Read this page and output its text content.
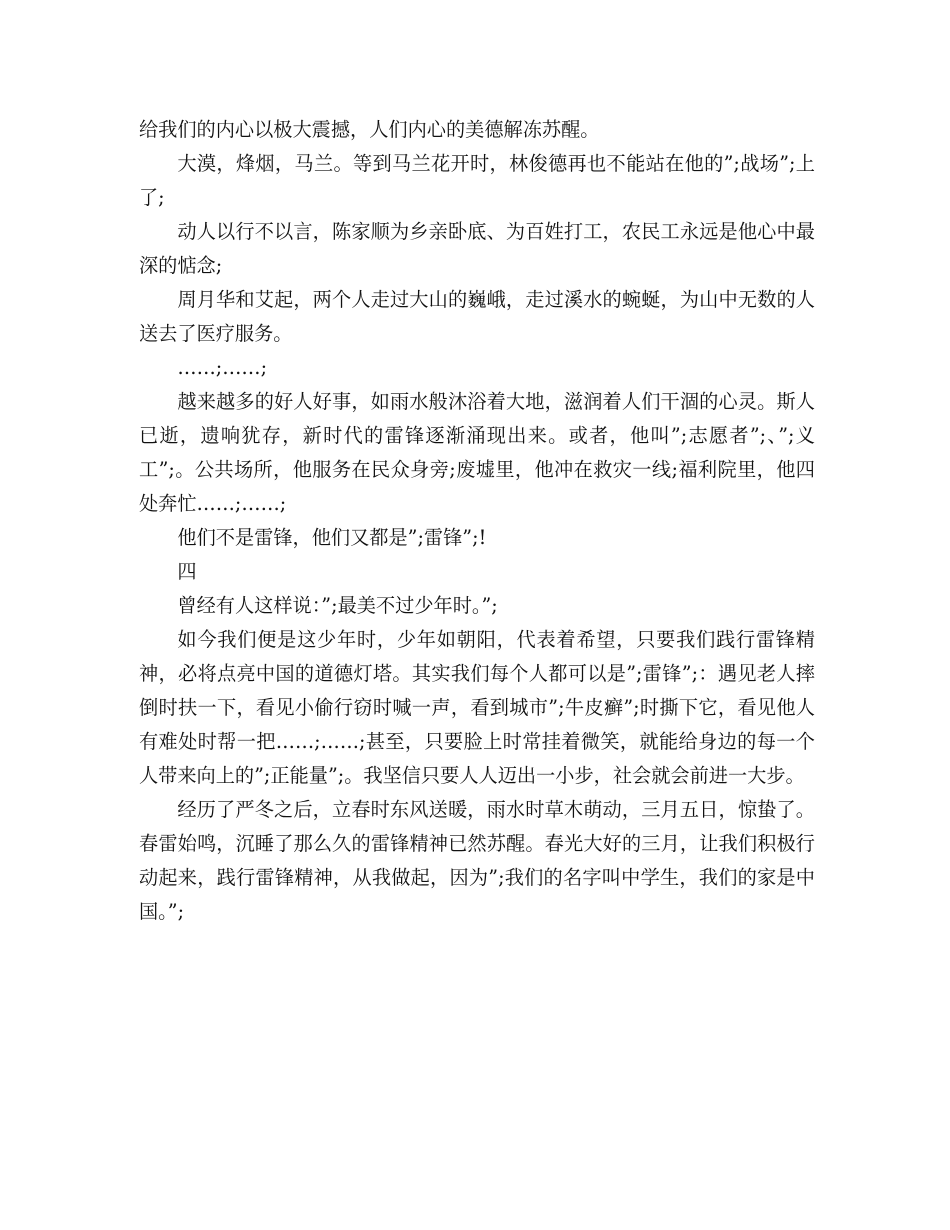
给我们的内心以极大震撼，人们内心的美德解冻苏醒。

大漠，烽烟，马兰。等到马兰花开时，林俊德再也不能站在他的”;战场”;上了;

动人以行不以言，陈家顺为乡亲卧底、为百姓打工，农民工永远是他心中最深的惦念;

周月华和艾起，两个人走过大山的巍峨，走过溪水的蜿蜒，为山中无数的人送去了医疗服务。

……;……;

越来越多的好人好事，如雨水般沐浴着大地，滋润着人们干涸的心灵。斯人已逝，遗响犹存，新时代的雷锋逐渐涌现出来。或者，他叫”;志愿者”;、”;义工”;。公共场所，他服务在民众身旁;废墟里，他冲在救灾一线;福利院里，他四处奔忙……;……;

他们不是雷锋，他们又都是”;雷锋”;!

四

曾经有人这样说：”;最美不过少年时。”;

如今我们便是这少年时，少年如朝阳，代表着希望，只要我们践行雷锋精神，必将点亮中国的道德灯塔。其实我们每个人都可以是”;雷锋”;：遇见老人摔倒时扶一下，看见小偷行窃时喊一声，看到城市”;牛皮癣”;时撕下它，看见他人有难处时帮一把……;……;甚至，只要脸上时常挂着微笑，就能给身边的每一个人带来向上的”;正能量”;。我坚信只要人人迈出一小步，社会就会前进一大步。

经历了严冬之后，立春时东风送暖，雨水时草木萌动，三月五日，惊蛰了。春雷始鸣，沉睡了那么久的雷锋精神已然苏醒。春光大好的三月，让我们积极行动起来，践行雷锋精神，从我做起，因为”;我们的名字叫中学生，我们的家是中国。”;
